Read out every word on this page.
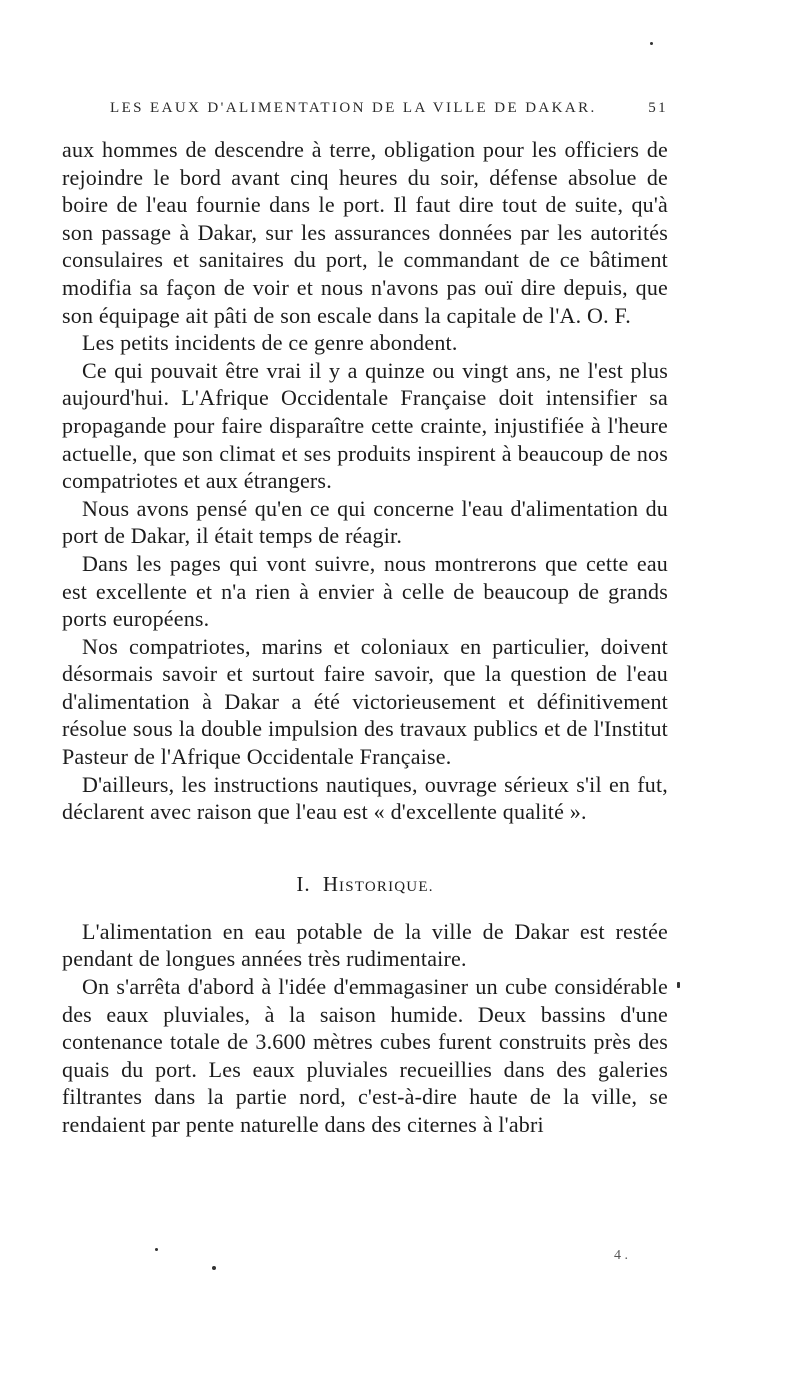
LES EAUX D'ALIMENTATION DE LA VILLE DE DAKAR.	51

aux hommes de descendre à terre, obligation pour les officiers de rejoindre le bord avant cinq heures du soir, défense absolue de boire de l'eau fournie dans le port. Il faut dire tout de suite, qu'à son passage à Dakar, sur les assurances données par les autorités consulaires et sanitaires du port, le commandant de ce bâtiment modifia sa façon de voir et nous n'avons pas ouï dire depuis, que son équipage ait pâti de son escale dans la capitale de l'A. O. F.

Les petits incidents de ce genre abondent.

Ce qui pouvait être vrai il y a quinze ou vingt ans, ne l'est plus aujourd'hui. L'Afrique Occidentale Française doit intensifier sa propagande pour faire disparaître cette crainte, injustifiée à l'heure actuelle, que son climat et ses produits inspirent à beaucoup de nos compatriotes et aux étrangers.

Nous avons pensé qu'en ce qui concerne l'eau d'alimentation du port de Dakar, il était temps de réagir.

Dans les pages qui vont suivre, nous montrerons que cette eau est excellente et n'a rien à envier à celle de beaucoup de grands ports européens.

Nos compatriotes, marins et coloniaux en particulier, doivent désormais savoir et surtout faire savoir, que la question de l'eau d'alimentation à Dakar a été victorieusement et définitivement résolue sous la double impulsion des travaux publics et de l'Institut Pasteur de l'Afrique Occidentale Française.

D'ailleurs, les instructions nautiques, ouvrage sérieux s'il en fut, déclarent avec raison que l'eau est « d'excellente qualité ».

I. HISTORIQUE.

L'alimentation en eau potable de la ville de Dakar est restée pendant de longues années très rudimentaire.

On s'arrêta d'abord à l'idée d'emmagasiner un cube considérable des eaux pluviales, à la saison humide. Deux bassins d'une contenance totale de 3.600 mètres cubes furent construits près des quais du port. Les eaux pluviales recueillies dans des galeries filtrantes dans la partie nord, c'est-à-dire haute de la ville, se rendaient par pente naturelle dans des citernes à l'abri

4 .
